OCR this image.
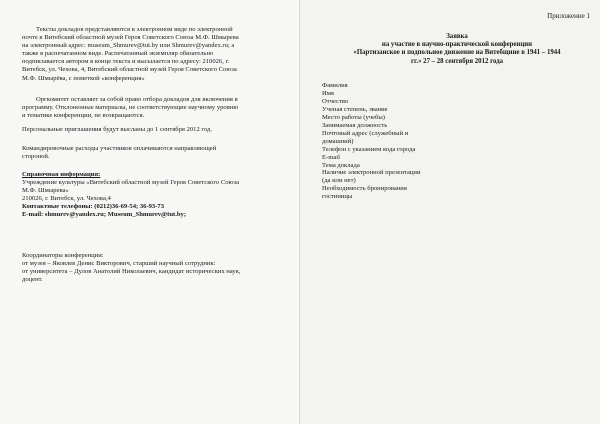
Тексты докладов представляются в электронном виде по электронной
почте в Витебский областной музей Героя Советского Союза М.Ф. Шмырева
на электронный адрес: museum_Shmurev@tut.by или Shmurev@yandex.ru; а
также в распечатанном виде. Распечатанный экземпляр обязательно
подписывается автором в конце текста и высылается по адресу: 210026, г.
Витебск, ул. Чехова, 4, Витебский областной музей Героя Советского Союза
М.Ф. Шмырёва, с пометкой «конференция»
Оргкомитет оставляет за собой право отбора докладов для включения в
программу. Отклоненные материалы, не соответствующие научному уровню
и тематике конференции, не возвращаются.

Персональные приглашения будут высланы до 1 сентября 2012 год.

Командировочные расходы участников оплачиваются направляющей
стороной.
Справочная информация:
Учреждение культуры «Витебский областной музей Героя Советского Союза
М.Ф. Шмырева»
210026, г. Витебск, ул. Чехова,4
Контактные телефоны: (0212)36-69-54; 36-93-73
E-mail: shmurev@yandex.ru; Museum_Shmurev@tut.by;
Координаторы конференции:
от музея – Яковлев Денис Викторович, старший научный сотрудник:
от университета – Дулов Анатолий Николаевич, кандидат исторических наук,
доцент.
Приложение 1
Заявка
на участие в научно-практической конференции
«Партизанское и подпольное движение на Витебщине в 1941 – 1944
гг.» 27 – 28 сентября 2012 года
Фамилия
Имя
Отчество
Ученая степень, звание
Место работы (учебы)
Занимаемая должность
Почтовый адрес (служебный и
домашний)
Телефон с указанием кода города
E-mail
Тема доклада
Наличие электронной презентации
(да или нет)
Необходимость бронирования
гостиницы
